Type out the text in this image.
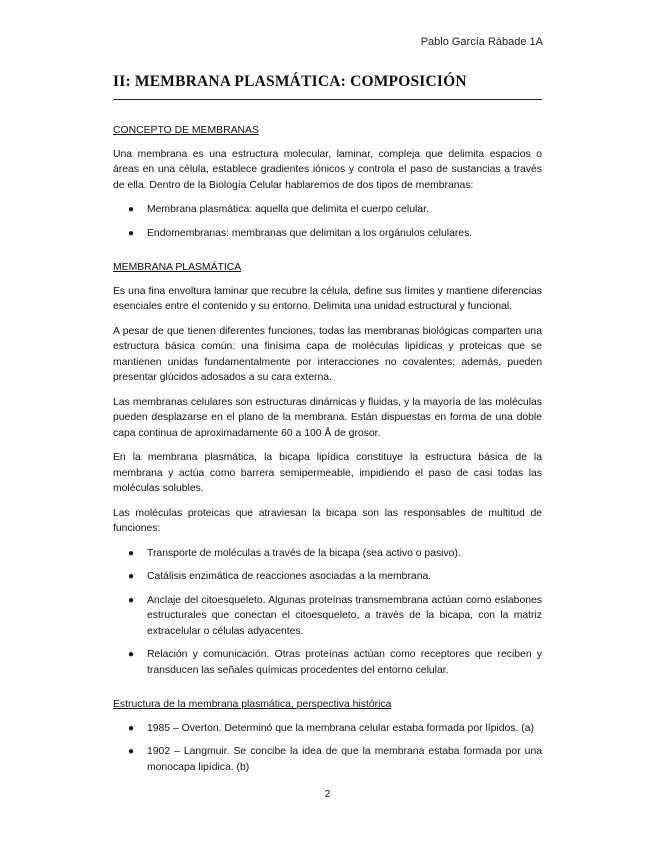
Pablo García Rábade 1A
II: MEMBRANA PLASMÁTICA: COMPOSICIÓN
CONCEPTO DE MEMBRANAS

Una membrana es una estructura molecular, laminar, compleja que delimita espacios o áreas en una célula, establece gradientes iónicos y controla el paso de sustancias a través de ella. Dentro de la Biología Celular hablaremos de dos tipos de membranas:

● Membrana plasmática: aquella que delimita el cuerpo celular.
● Endomembranas: membranas que delimitan a los orgánulos celulares.
MEMBRANA PLASMÁTICA

Es una fina envoltura laminar que recubre la célula, define sus límites y mantiene diferencias esenciales entre el contenido y su entorno. Delimita una unidad estructural y funcional.

A pesar de que tienen diferentes funciones, todas las membranas biológicas comparten una estructura básica común: una finísima capa de moléculas lipídicas y proteicas que se mantienen unidas fundamentalmente por interacciones no covalentes; además, pueden presentar glúcidos adosados a su cara externa.

Las membranas celulares son estructuras dinámicas y fluidas, y la mayoría de las moléculas pueden desplazarse en el plano de la membrana. Están dispuestas en forma de una doble capa continua de aproximadamente 60 a 100 Å de grosor.

En la membrana plasmática, la bicapa lipídica constituye la estructura básica de la membrana y actúa como barrera semipermeable, impidiendo el paso de casi todas las moléculas solubles.

Las moléculas proteicas que atraviesan la bicapa son las responsables de multitud de funciones:

● Transporte de moléculas a través de la bicapa (sea activo o pasivo).
● Catálisis enzimática de reacciones asociadas a la membrana.
● Anclaje del citoesqueleto. Algunas proteínas transmembrana actúan como eslabones estructurales que conectan el citoesqueleto, a través de la bicapa, con la matriz extracelular o células adyacentes.
● Relación y comunicación. Otras proteínas actúan como receptores que reciben y transducen las señales químicas procedentes del entorno celular.
Estructura de la membrana plasmática, perspectiva histórica
● 1985 – Overton. Determinó que la membrana celular estaba formada por lípidos. (a)
● 1902 – Langmuir. Se concibe la idea de que la membrana estaba formada por una monocapa lipídica. (b)
2
